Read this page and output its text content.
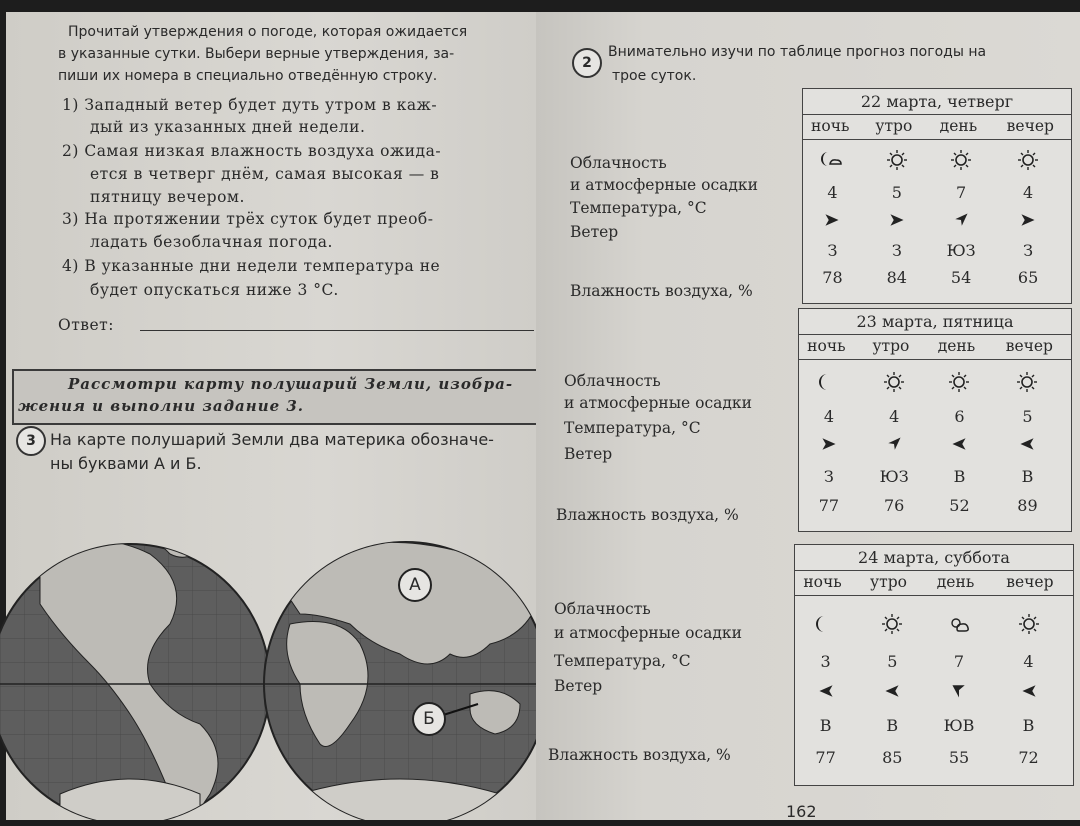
Прочитай утверждения о погоде, которая ожидается
в указанные сутки. Выбери верные утверждения, за-
пиши их номера в специально отведённую строку.
1) Западный ветер будет дуть утром в каж-
дый из указанных дней недели.
2) Самая низкая влажность воздуха ожида-
ется в четверг днём, самая высокая — в
пятницу вечером.
3) На протяжении трёх суток будет преоб-
ладать безоблачная погода.
4) В указанные дни недели температура не
будет опускаться ниже 3 °C.
Ответ:
Рассмотри карту полушарий Земли, изобра-
жения и выполни задание 3.
3 На карте полушарий Земли два материка обозначе-
ны буквами А и Б.
А
Б
2
Внимательно изучи по таблице прогноз погоды на
трое суток.
Облачность
и атмосферные осадки
Температура, °C
Ветер
Влажность воздуха, %
Облачность
и атмосферные осадки
Температура, °C
Ветер
Влажность воздуха, %
Облачность
и атмосферные осадки
Температура, °C
Ветер
Влажность воздуха, %
22 марта, четверг
ночь утро день вечер
4
З
78
5
З
84
7
ЮЗ
54
4
З
65
23 марта, пятница
ночь утро день вечер
4
З
77
4
ЮЗ
76
6
В
52
5
В
89
24 марта, суббота
ночь утро день вечер
3
В
77
5
В
85
7
ЮВ
55
4
В
72
162
